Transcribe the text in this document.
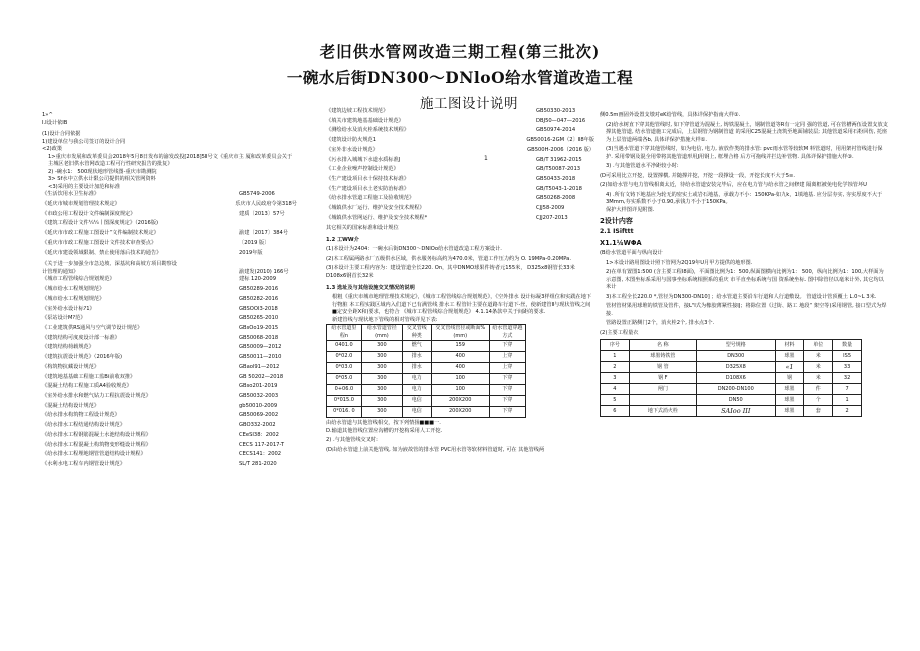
老旧供水管网改造三期工程(第三批次)
一碗水后街DN300～DNloO给水管道改造工程
施工图设计说明
1
1»^
I.I设计依IB
(1)设计合同依据
1)建设单位与我公司签订的设计合同
<2)政策
1>重庆市发展和改革委员会2018年5月8日发布的渝发改投[2018]5Ⅱ号文《重庆市主 厦和改革委员会关于主城区老旧供水管网改造工程可行性研究报告的批复》
2) -碗水1： 500现状地形管线图-重庆市勘测院
3> Sf水中立供水计限公司提供的相关管网资料
<3)采用的主要设计加范和标准
《生活饮用水卫生标准》	GB5749-2006
《延庆市城市规划管理技术规定》	乐庆市人民政府令第318号
《市政公用工程设计文件编制深度规定》	建质〔2013〕57号
《建筑工程设计文件¼¼丨图深度规定》（2016版)
《延庆市市政工程施工图设计“文件编制技术规定》	渝建〔2017〕384号
《重庆市市政工程施工图设计文件技术审查要点》	〔2019 版〕
《延庆市建设领域限制、禁止使用落后技术的通告》	2019年版
《关于进一步加强全市急边坡、深基坑和高坡方项目勘察设
计管理的通知》	渝建发(2010) 166号
《城市工程管线综合规划规范》	建标 120-2009
《城市给水工程规划规范》	GB50289-2016
《城市给水工程规划规范》	GB50282-2016
《室外给水设计标?1》	GBSOOI3-2018
《泵站设计M?范》	GB50265-2010
《工业建筑供RS通风与空气调节设计规范》	GBsOo19-2015
《建筑结构可度度设计部一标准》	GB50068-2018
《建筑结构荷载规范》	GB50009—2012
《建筑抗震设计规范》（2016年版)	GB50011—2010
《构筑物抗藏设计规范》	GBaol91—2012
《建筑地基基础工程施工监Bi前收双推》	GB 50202—2018
《混凝土结构工程施工质A4验收规范》	GBso201-2019
《室外给水排水和燃气钻力工程抗震设计规范》	GB50032-2003
《混凝土结构设计规范》	gb50010-2009
《给水排水构筑物工程设计规范》	GB50069-2002
《给水排水工程结通结构设计规范》	GBO332-2002
《给水排水工程钢筋混凝土水池结构设计规程》	CEeSI38：2002
《给水排水工程混凝土构筑物变形缝设计规程》	CECS 117-2017-T
《给水排水工程埋地钢管管道结构设计规程》	CECS141：2002
《水利水电工程车内钢管设计规范》	SL/T 281-2020
《建筑边坡工程技术规范》	GB50330-2013
《填关市建筑地基基础设计规范》	DBJ50—047—2016
《测绘给水及消火栓系统技术规程》	GB50974-2014
《建筑设计防火规范1	GB50016-2GM（2〕Ⅱ8年版
《室外非水设计规范》	GB500H-2006（2016 版）
《污水排入城城下水道水质标准J	GB/T 31962-2015
《工业企业噪声控制设计规范》	GB/T50087-2013
《生产建设项目水十保持技术标准》	GB50433-2018
《生产建设项目水土老实防治标准》	GB/T5043-1-2018
《给水排水管道工程施工及验收规范》	GB50268-2008
《城镇供水厂运行、维护及安全技术规程》	CJJ58-2009
《城镇供水管网运行、维护及安全技术规程*	CJJ207-2013
其它相关的国家标准和设计规位
1.2 工WW介
(1)本设计为2404：一碗水后街DN300～DNIOo给水管道改造工程方案设计.
(2)木工程属两路水厂五级供水区域，供水服务标高约为470.0米，管道工作压力约为 O. 19MPa-0.20MPa.
(3)本设计主要工程内容为：建设管道全长220. On，其中DNMO球果件铸者元155米， D325x8钢管长33米 D108x6钢首长32米
1.3 选址及与其他设施交叉情况的说明
根粗《重庆市城市地理管理技术规定》，《城市工程管线综合规划规范》，《空外排水 设计标凝3样组位和实践在地下行物脏 本工程实践区域内入们道下已有满管线 排水工 程管针主要在道路车行道下-丝，使新建管Ⅱ与现状管线之间■定安全距X和)要求，也符合 《城市工程管线综合规划规范》 4.1.14条款中关于间距的要求.
新建管线与现状地下管线的相对管线详见下表:
给水管道里程n	给水管道管径(mm)	交叉管线种类	交叉管线管径或断面%(mm)	给水管道穿越方式
0401.0	300	燃气	159	下穿
0*02.0	300	排水	400	上穿
0*03.0	300	排水	400	上穿
0*05.0	300	电力	100	下穿
0+06.0	300	电力	100	下穿
0*015.0	300	电信	200X200	下穿
0*016. 0	300	电信	200X200	下穿
由给水管道与其他管线相交，按下列情扬■■■一.
D.输道其他管线位置应沟槽的开挖构采用人工开挖.
2) .与其他管线交叉时:
(D由给水管道上前关他管线, 如为液故管的排水管 PVC用水管等软材料管道时, 可在 其他管线两
侧0.5m画固外设置支墩对eK给管线，具体详保护指南大样①.
(2)给水树直下穿其他管线时, 如下穿管道为混凝土, 铸铁混凝土，钢制管道等R有一定同 强的管道, 可在管槽两伍设置支放支撑其他管道, 结水管道施工完成后，上层钢管为钢制管道 的采用C25混凝土浇筑至地面铺装层; 其他管道采用石粉回伤, 托座为上层管道两端各b, 具体详保护措施大样①.
(3)当遇水管道下穿其他管线时，如为电信, 电力, 液放作类的排水管: pvc雨水管等较软M 料管道时，用用架衬管线进行保护. 采用带钢及混全用带将其他管道形用J用钢上, 框埋合格 后方可拖线并拦边补管物. 具体详保护措施大样③.
3) .与其他管道水平净距较小时:
(D可采用比立开挖，设置撑横, 并随撑并挖，开挖一段撑设一段，开挖长度不大于5≡.
(2)如给水管与电力管线相离太近，待给水管道安装完毕后，应在电力管与给水管之间修建 隔离框被免电化学蚀管坏U
4) .所有文铸下地基应为轮无的密实土或岩石地基，承载力不小：150KPa-如九k，1填地基. 应分层夯实, 夯实厚度不大于3Mmm,夯实系数不小于0.90,承钱力不小于150KPa。
保护大样图详见附图.
2设计内容
2.1 ISifttt
X1.1¼WΦA
(B给水管道平面与纵向设计
1>本设计路用图设计照下管网为2Q19年U月甲方提供的地形图.
2)在单有置图1:500 (含主要工程I8面)，平面图比例为1：500,纵面图横向比例为1： 500，纵向比例为1：100,大样面为示意图, 木图坐标系采用与国事坐标系统相照系的重庆 市平直坐标系统与国 资系统坐标. 图中除管径以毫米计外, 其它均以米计
3)本工程全长220.0 *,管径为DN300-DN10] ；给水管道主要沿车行道和人行道敷设。 管道设计管顶覆土 L.0~L 3米.
管材管材果用球堆的铁管及管件，接L"I式为橡胶薄紧性接IJ；将除位置《过街、路工 地段“ 架空等)采用钢管, 接口型式为焊接.
管路设置正路侧门2个，消火栓2个, 排水点3个.
(2)主要工程量衣
序号	名 称	型号规格	材料	单位	数量
1	球墨铸铁管	DN300	球墨	米	IS5
2	钢 管	D325X8	«1	米	33
3	钢 F	D108X6	钢	米	32
4	闸门	DN200-DN100	球墨	件	7
5		DN50	球墨	个	1
6	地下式消火栓	SAIoo III	球墨	套	2
